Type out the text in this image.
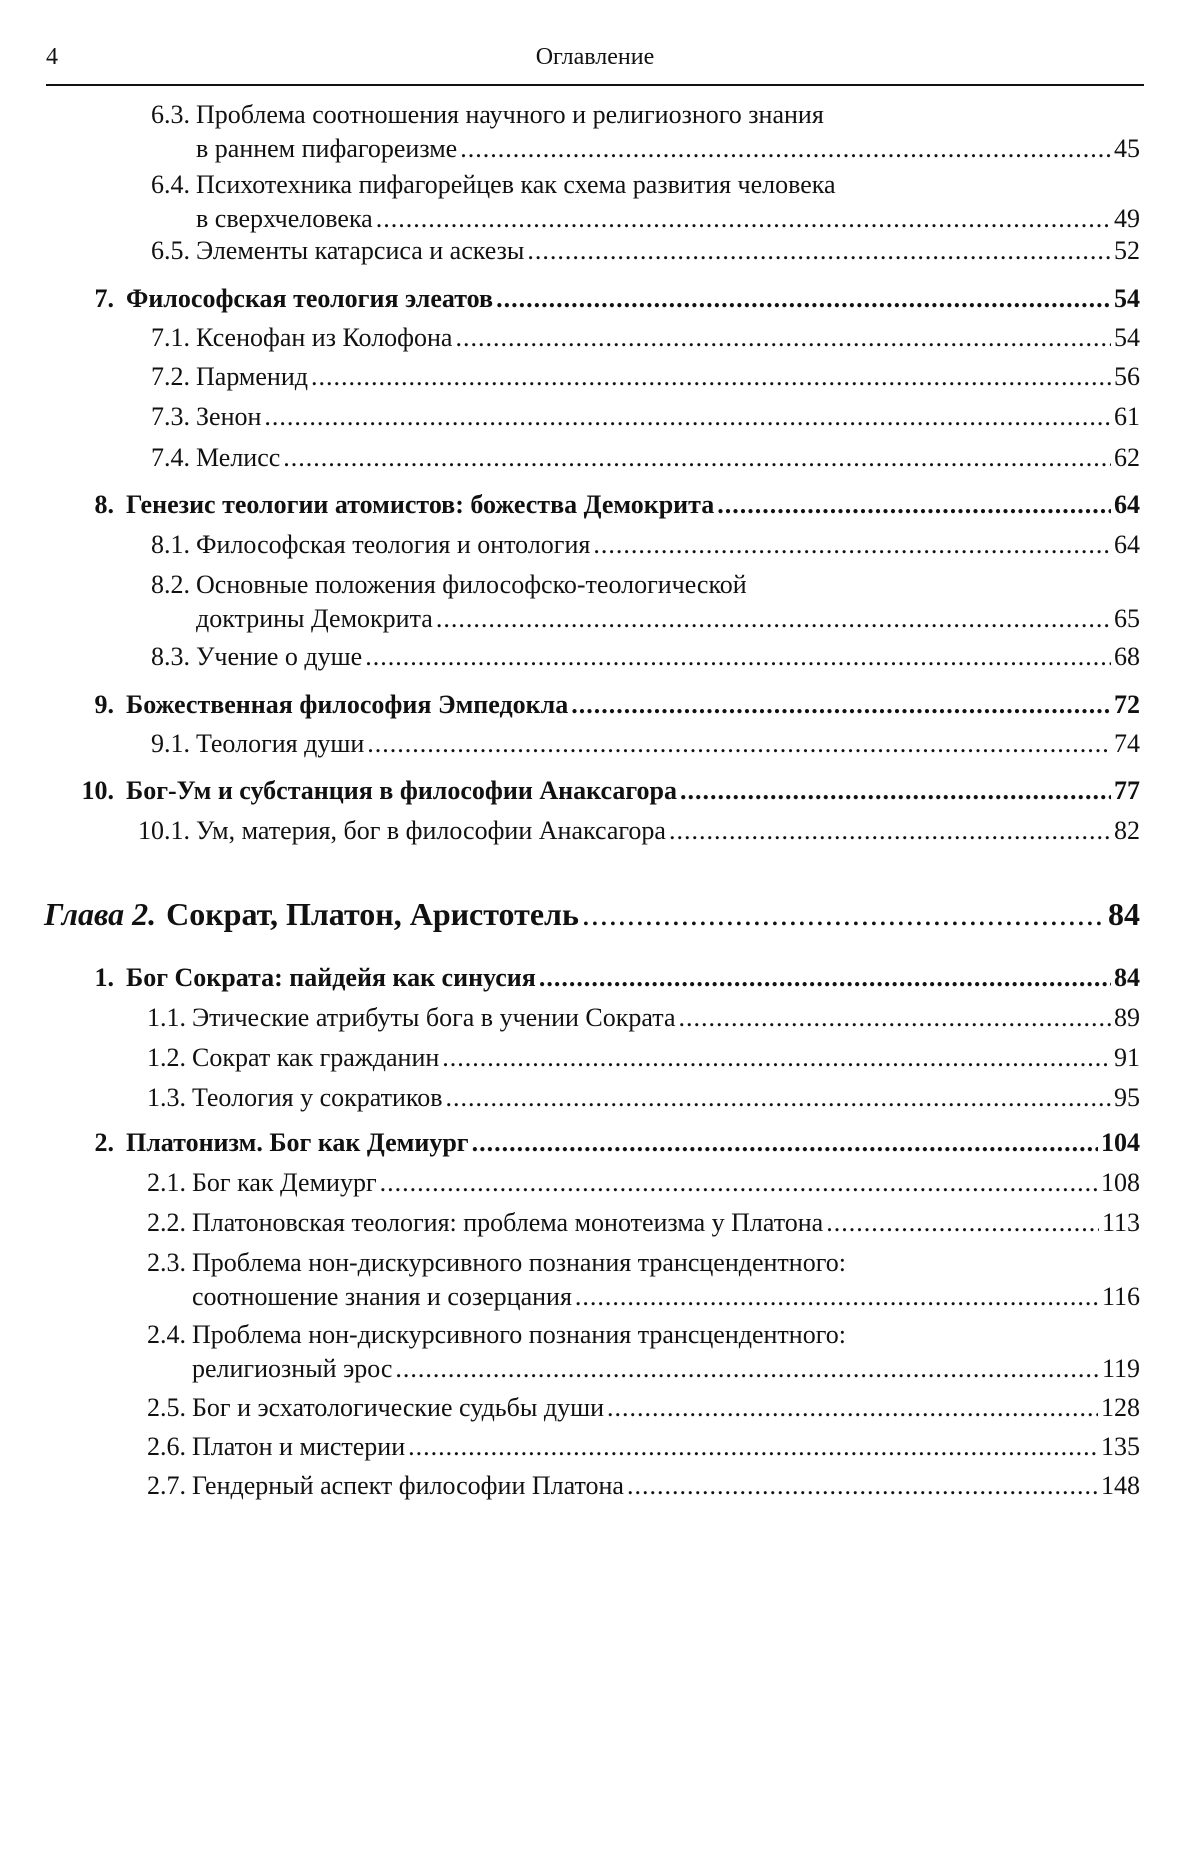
4	Оглавление
6.3. Проблема соотношения научного и религиозного знания
в раннем пифагореизме .....	45
6.4. Психотехника пифагорейцев как схема развития человека
в сверхчеловека .....	49
6.5. Элементы катарсиса и аскезы .....	52
7. Философская теология элеатов .....	54
7.1. Ксенофан из Колофона .....	54
7.2. Парменид .....	56
7.3. Зенон .....	61
7.4. Мелисс .....	62
8. Генезис теологии атомистов: божества Демокрита .....	64
8.1. Философская теология и онтология .....	64
8.2. Основные положения философско-теологической
доктрины Демокрита .....	65
8.3. Учение о душе .....	68
9. Божественная философия Эмпедокла .....	72
9.1. Теология души .....	74
10. Бог-Ум и субстанция в философии Анаксагора .....	77
10.1. Ум, материя, бог в философии Анаксагора .....	82
Глава 2. Сократ, Платон, Аристотель .....	84
1. Бог Сократа: пайдейя как синусия .....	84
1.1. Этические атрибуты бога в учении Сократа .....	89
1.2. Сократ как гражданин .....	91
1.3. Теология у сократиков .....	95
2. Платонизм. Бог как Демиург .....	104
2.1. Бог как Демиург .....	108
2.2. Платоновская теология: проблема монотеизма у Платона .....	113
2.3. Проблема нон-дискурсивного познания трансцендентного:
соотношение знания и созерцания .....	116
2.4. Проблема нон-дискурсивного познания трансцендентного:
религиозный эрос .....	119
2.5. Бог и эсхатологические судьбы души .....	128
2.6. Платон и мистерии .....	135
2.7. Гендерный аспект философии Платона .....	148
